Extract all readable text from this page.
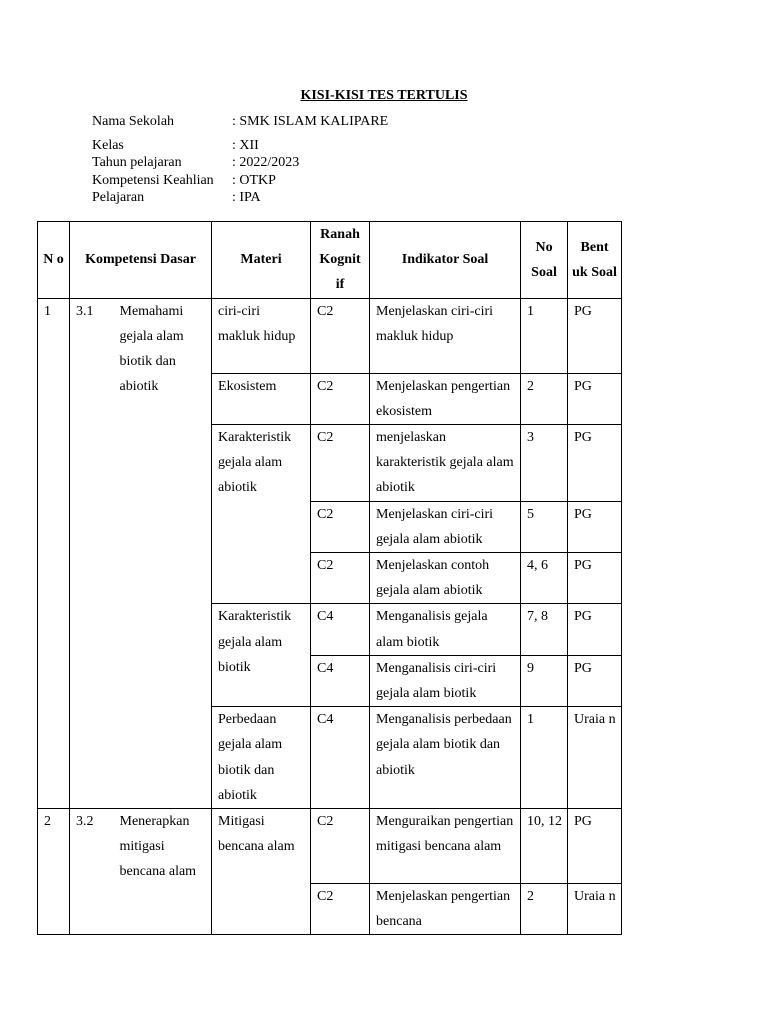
KISI-KISI TES TERTULIS
Nama Sekolah	: SMK ISLAM KALIPARE
Kelas	: XII
Tahun pelajaran	: 2022/2023
Kompetensi Keahlian : OTKP
Pelajaran	: IPA
N o	Kompetensi Dasar		Materi	Ranah Kognit if	Indikator Soal	No Soal	Bent uk Soal
1	3.1	Memahami gejala alam biotik dan abiotik	ciri-ciri makluk hidup	C2	Menjelaskan ciri-ciri makluk hidup	1	PG
			Ekosistem	C2	Menjelaskan pengertian ekosistem	2	PG
			Karakteristik gejala alam abiotik	C2	menjelaskan karakteristik gejala alam abiotik	3	PG
				C2	Menjelaskan ciri-ciri gejala alam abiotik	5	PG
				C2	Menjelaskan contoh gejala alam abiotik	4, 6	PG
			Karakteristik gejala alam biotik	C4	Menganalisis gejala alam biotik	7, 8	PG
				C4	Menganalisis ciri-ciri gejala alam biotik	9	PG
			Perbedaan gejala alam biotik dan abiotik	C4	Menganalisis perbedaan gejala alam biotik dan abiotik	1	Uraia n
2	3.2	Menerapkan mitigasi bencana alam	Mitigasi bencana alam	C2	Menguraikan pengertian mitigasi bencana alam	10, 12	PG
				C2	Menjelaskan pengertian bencana	2	Uraia n
